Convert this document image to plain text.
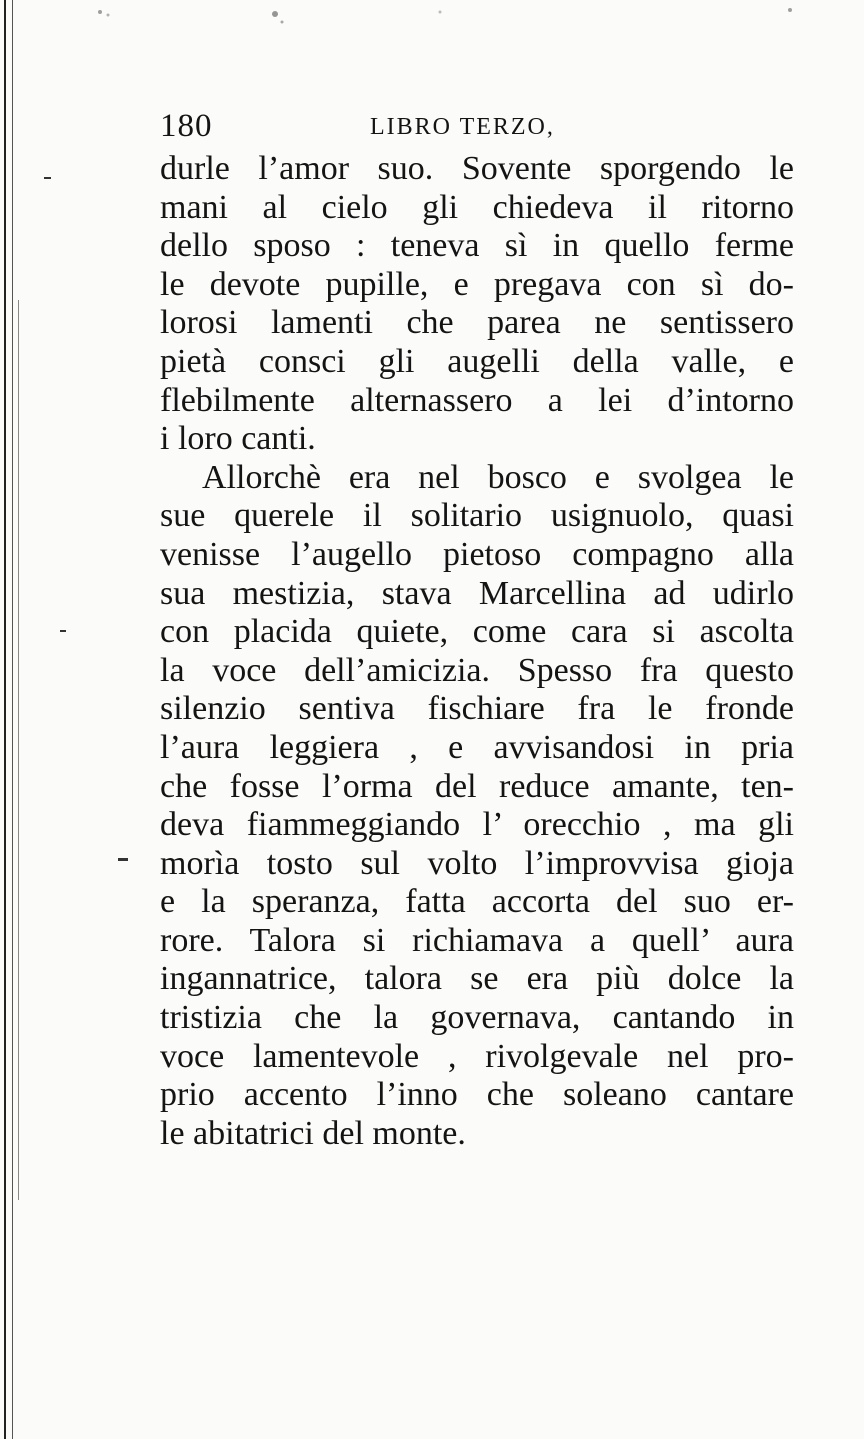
180	LIBRO TERZO,
durle l’amor suo. Sovente sporgendo le
mani al cielo gli chiedeva il ritorno
dello sposo : teneva sì in quello ferme
le devote pupille, e pregava con sì do-
lorosi lamenti che parea ne sentissero
pietà consci gli augelli della valle, e
flebilmente alternassero a lei d’intorno
i loro canti.
Allorchè era nel bosco e svolgea le
sue querele il solitario usignuolo, quasi
venisse l’augello pietoso compagno alla
sua mestizia, stava Marcellina ad udirlo
con placida quiete, come cara si ascolta
la voce dell’amicizia. Spesso fra questo
silenzio sentiva fischiare fra le fronde
l’aura leggiera , e avvisandosi in pria
che fosse l’orma del reduce amante, ten-
deva fiammeggiando l’ orecchio , ma gli
morìa tosto sul volto l’improvvisa gioja
e la speranza, fatta accorta del suo er-
rore. Talora si richiamava a quell’ aura
ingannatrice, talora se era più dolce la
tristizia che la governava, cantando in
voce lamentevole , rivolgevale nel pro-
prio accento l’inno che soleano cantare
le abitatrici del monte.
